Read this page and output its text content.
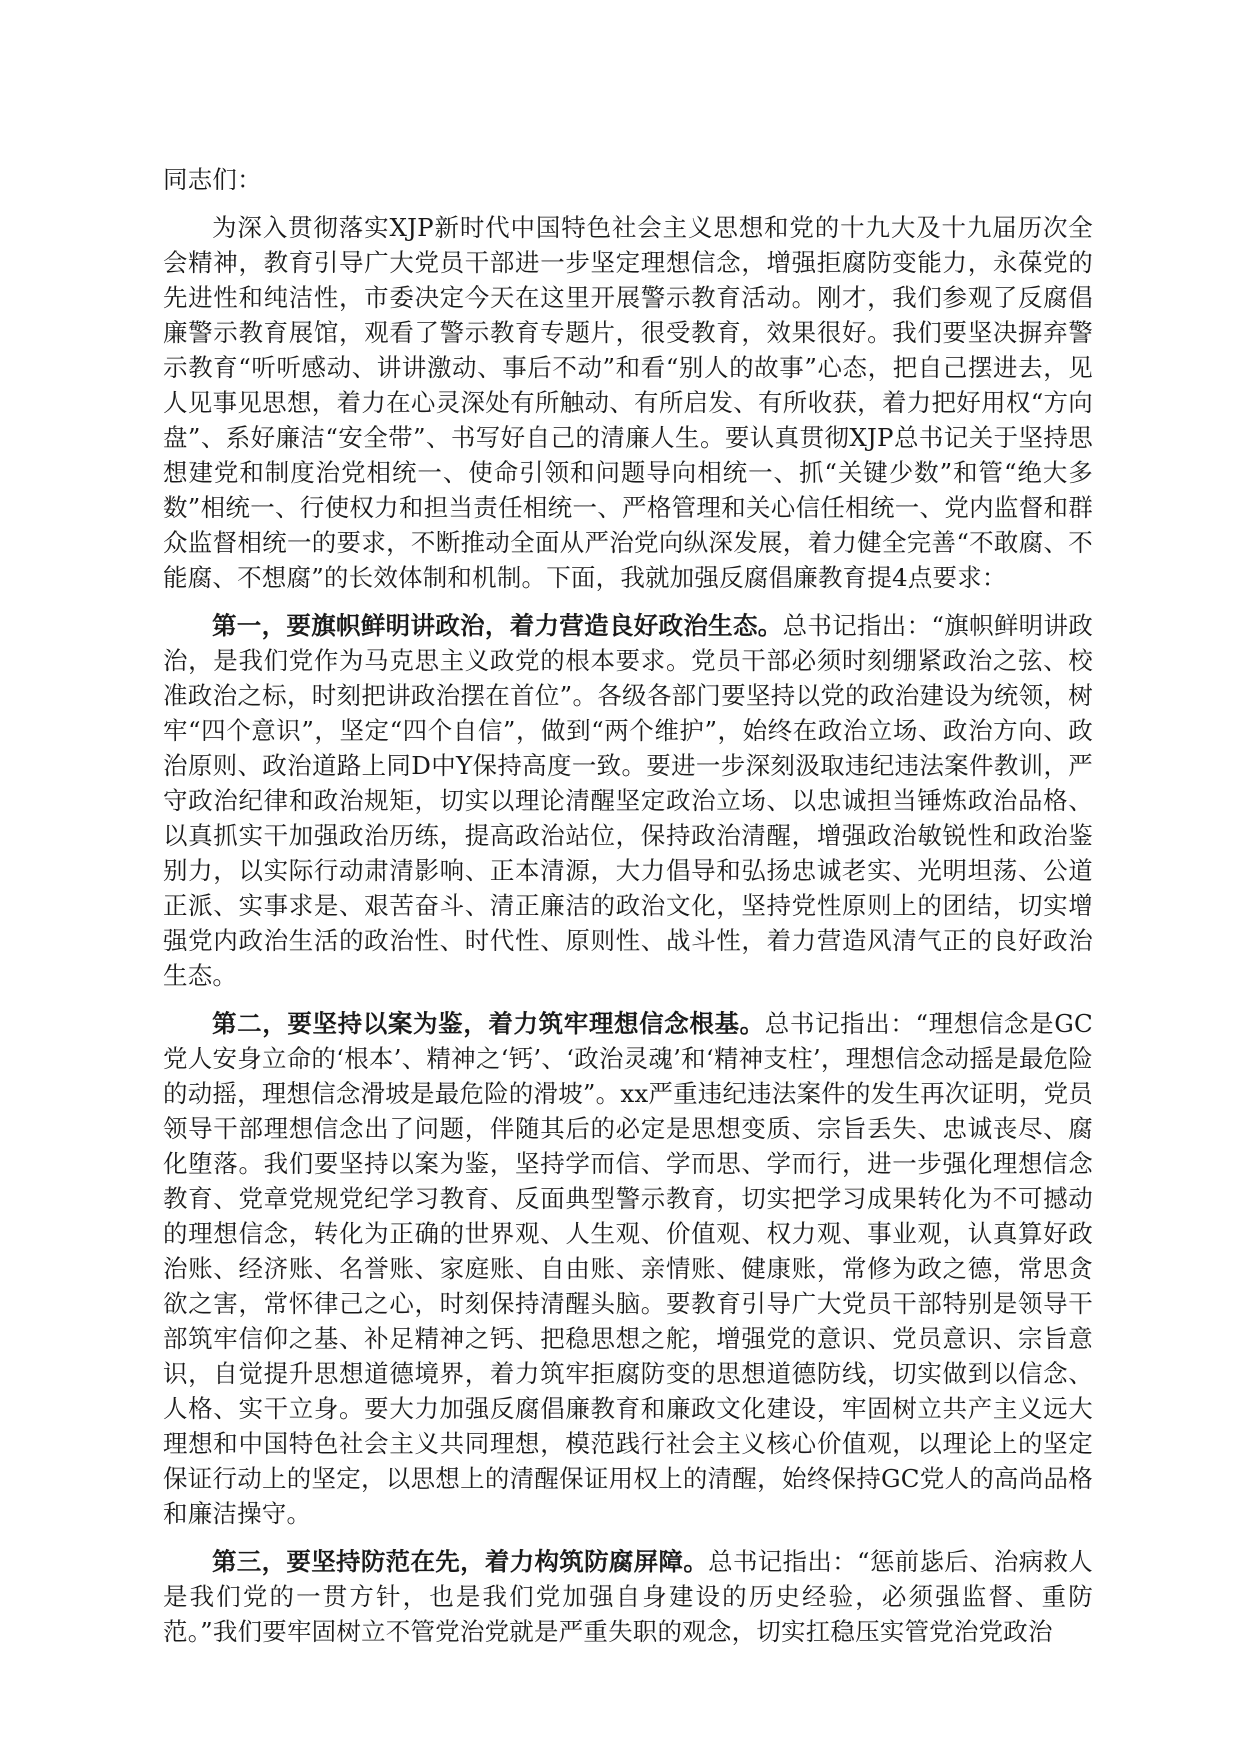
同志们：

为深入贯彻落实XJP新时代中国特色社会主义思想和党的十九大及十九届历次全会精神，教育引导广大党员干部进一步坚定理想信念，增强拒腐防变能力，永葆党的先进性和纯洁性，市委决定今天在这里开展警示教育活动。刚才，我们参观了反腐倡廉警示教育展馆，观看了警示教育专题片，很受教育，效果很好。我们要坚决摒弃警示教育“听听感动、讲讲激动、事后不动”和看“别人的故事”心态，把自己摆进去，见人见事见思想，着力在心灵深处有所触动、有所启发、有所收获，着力把好用权“方向盘”、系好廉洁“安全带”、书写好自己的清廉人生。要认真贯彻XJP总书记关于坚持思想建党和制度治党相统一、使命引领和问题导向相统一、抓“关键少数”和管“绝大多数”相统一、行使权力和担当责任相统一、严格管理和关心信任相统一、党内监督和群众监督相统一的要求，不断推动全面从严治党向纵深发展，着力健全完善“不敢腐、不能腐、不想腐”的长效体制和机制。下面，我就加强反腐倡廉教育提4点要求：

第一，要旗帜鲜明讲政治，着力营造良好政治生态。总书记指出：“旗帜鲜明讲政治，是我们党作为马克思主义政党的根本要求。党员干部必须时刻绷紧政治之弦、校准政治之标，时刻把讲政治摆在首位”。各级各部门要坚持以党的政治建设为统领，树牢“四个意识”，坚定“四个自信”，做到“两个维护”，始终在政治立场、政治方向、政治原则、政治道路上同D中Y保持高度一致。要进一步深刻汲取违纪违法案件教训，严守政治纪律和政治规矩，切实以理论清醒坚定政治立场、以忠诚担当锤炼政治品格、以真抓实干加强政治历练，提高政治站位，保持政治清醒，增强政治敏锐性和政治鉴别力，以实际行动肃清影响、正本清源，大力倡导和弘扬忠诚老实、光明坦荡、公道正派、实事求是、艰苦奋斗、清正廉洁的政治文化，坚持党性原则上的团结，切实增强党内政治生活的政治性、时代性、原则性、战斗性，着力营造风清气正的良好政治生态。

第二，要坚持以案为鉴，着力筑牢理想信念根基。总书记指出：“理想信念是GC党人安身立命的‘根本’、精神之‘钙’、‘政治灵魂’和‘精神支柱’，理想信念动摇是最危险的动摇，理想信念滑坡是最危险的滑坡”。xx严重违纪违法案件的发生再次证明，党员领导干部理想信念出了问题，伴随其后的必定是思想变质、宗旨丢失、忠诚丧尽、腐化堕落。我们要坚持以案为鉴，坚持学而信、学而思、学而行，进一步强化理想信念教育、党章党规党纪学习教育、反面典型警示教育，切实把学习成果转化为不可撼动的理想信念，转化为正确的世界观、人生观、价值观、权力观、事业观，认真算好政治账、经济账、名誉账、家庭账、自由账、亲情账、健康账，常修为政之德，常思贪欲之害，常怀律己之心，时刻保持清醒头脑。要教育引导广大党员干部特别是领导干部筑牢信仰之基、补足精神之钙、把稳思想之舵，增强党的意识、党员意识、宗旨意识，自觉提升思想道德境界，着力筑牢拒腐防变的思想道德防线，切实做到以信念、人格、实干立身。要大力加强反腐倡廉教育和廉政文化建设，牢固树立共产主义远大理想和中国特色社会主义共同理想，模范践行社会主义核心价值观，以理论上的坚定保证行动上的坚定，以思想上的清醒保证用权上的清醒，始终保持GC党人的高尚品格和廉洁操守。

第三，要坚持防范在先，着力构筑防腐屏障。总书记指出：“惩前毖后、治病救人是我们党的一贯方针，也是我们党加强自身建设的历史经验，必须强监督、重防范。”我们要牢固树立不管党治党就是严重失职的观念，切实扛稳压实管党治党政治
